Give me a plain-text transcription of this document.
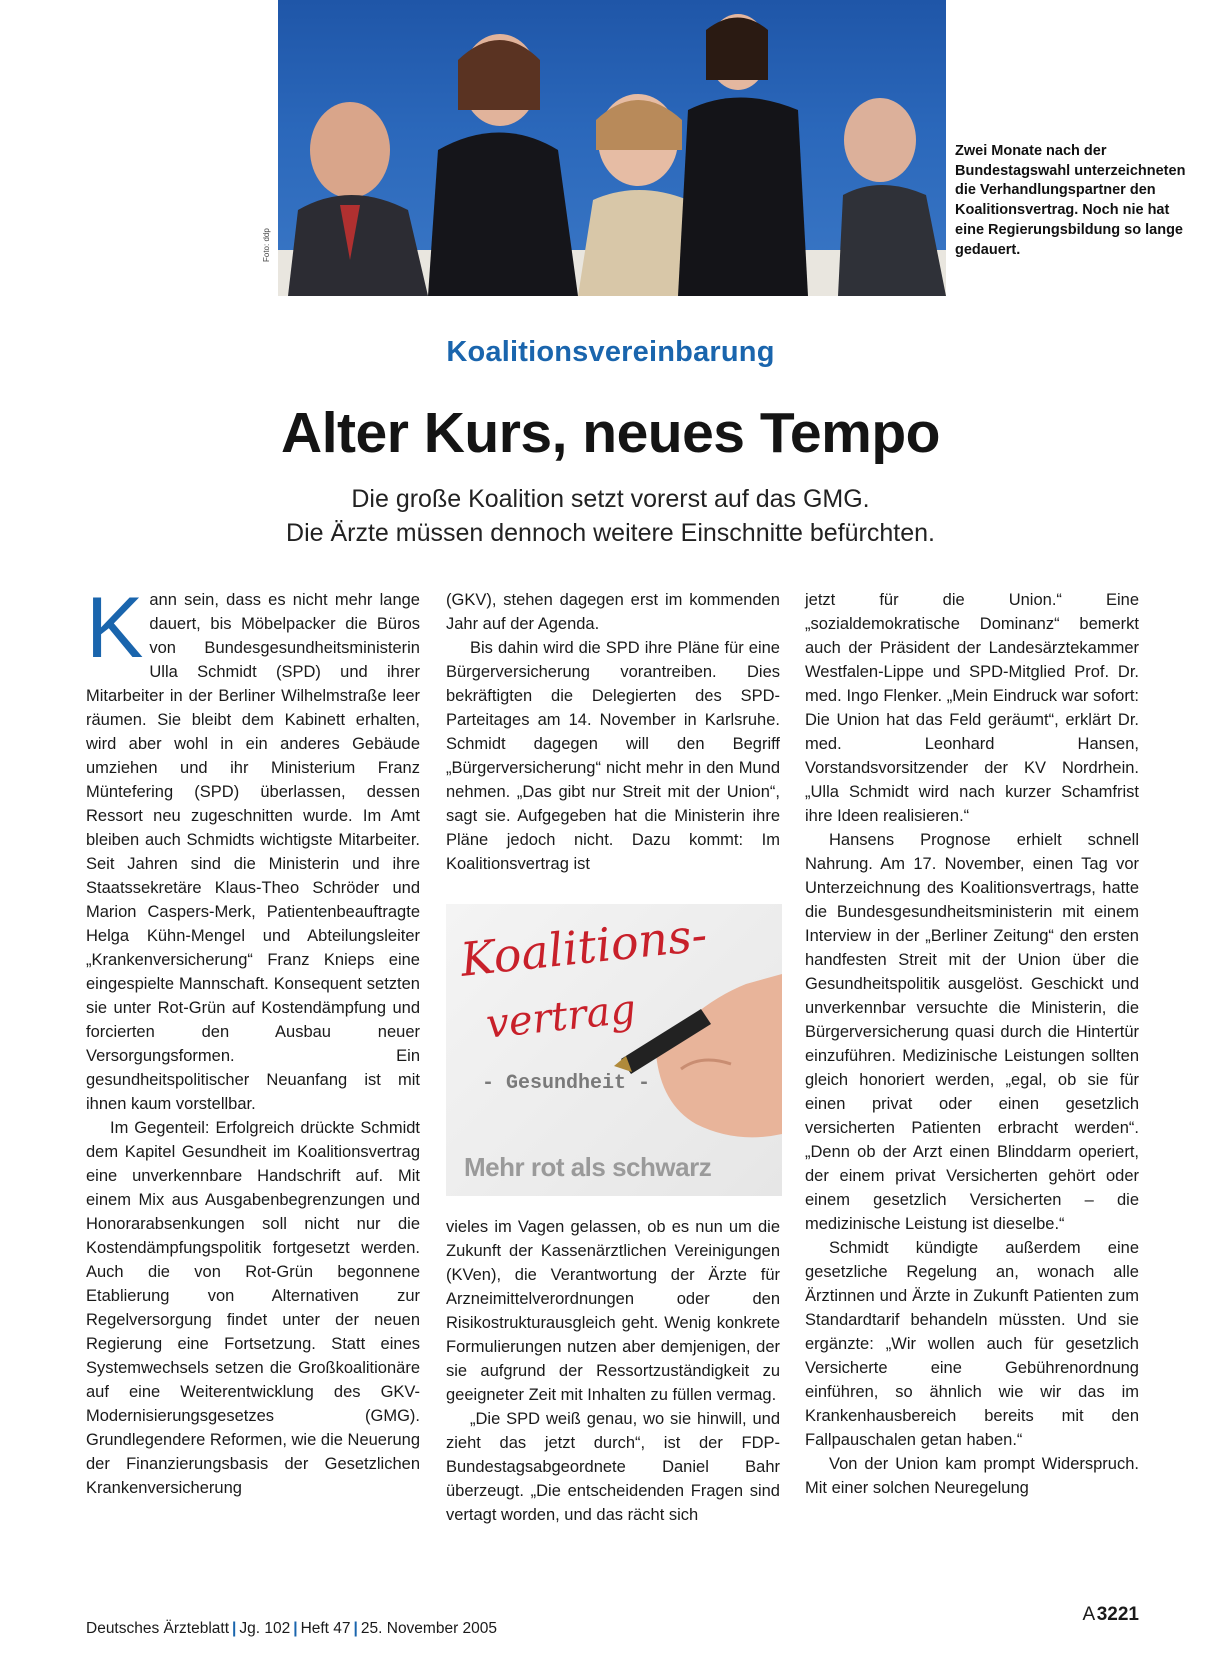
Foto: ddp
Zwei Monate nach der Bundestagswahl unterzeichneten die Verhandlungspartner den Koalitionsvertrag. Noch nie hat eine Regierungsbildung so lange gedauert.
Koalitionsvereinbarung
Alter Kurs, neues Tempo
Die große Koalition setzt vorerst auf das GMG.
Die Ärzte müssen dennoch weitere Einschnitte befürchten.

Kann sein, dass es nicht mehr lange dauert, bis Möbelpacker die Büros von Bundesgesundheitsministerin Ulla Schmidt (SPD) und ihrer Mitarbeiter in der Berliner Wilhelmstraße leer räumen. Sie bleibt dem Kabinett erhalten, wird aber wohl in ein anderes Gebäude umziehen und ihr Ministerium Franz Müntefering (SPD) überlassen, dessen Ressort neu zugeschnitten wurde. Im Amt bleiben auch Schmidts wichtigste Mitarbeiter. Seit Jahren sind die Ministerin und ihre Staatssekretäre Klaus-Theo Schröder und Marion Caspers-Merk, Patientenbeauftragte Helga Kühn-Mengel und Abteilungsleiter „Krankenversicherung“ Franz Knieps eine eingespielte Mannschaft. Konsequent setzten sie unter Rot-Grün auf Kostendämpfung und forcierten den Ausbau neuer Versorgungsformen. Ein gesundheitspolitischer Neuanfang ist mit ihnen kaum vorstellbar.

Im Gegenteil: Erfolgreich drückte Schmidt dem Kapitel Gesundheit im Koalitionsvertrag eine unverkennbare Handschrift auf. Mit einem Mix aus Ausgabenbegrenzungen und Honorarabsenkungen soll nicht nur die Kostendämpfungspolitik fortgesetzt werden. Auch die von Rot-Grün begonnene Etablierung von Alternativen zur Regelversorgung findet unter der neuen Regierung eine Fortsetzung. Statt eines Systemwechsels setzen die Großkoalitionäre auf eine Weiterentwicklung des GKV-Modernisierungsgesetzes (GMG). Grundlegendere Reformen, wie die Neuerung der Finanzierungsbasis der Gesetzlichen Krankenversicherung

(GKV), stehen dagegen erst im kommenden Jahr auf der Agenda.

Bis dahin wird die SPD ihre Pläne für eine Bürgerversicherung vorantreiben. Dies bekräftigten die Delegierten des SPD-Parteitages am 14. November in Karlsruhe. Schmidt dagegen will den Begriff „Bürgerversicherung“ nicht mehr in den Mund nehmen. „Das gibt nur Streit mit der Union“, sagt sie. Aufgegeben hat die Ministerin ihre Pläne jedoch nicht. Dazu kommt: Im Koalitionsvertrag ist

Koalitions-
vertrag
- Gesundheit -
Mehr rot als schwarz

vieles im Vagen gelassen, ob es nun um die Zukunft der Kassenärztlichen Vereinigungen (KVen), die Verantwortung der Ärzte für Arzneimittelverordnungen oder den Risikostrukturausgleich geht. Wenig konkrete Formulierungen nutzen aber demjenigen, der sie aufgrund der Ressortzuständigkeit zu geeigneter Zeit mit Inhalten zu füllen vermag.

„Die SPD weiß genau, wo sie hinwill, und zieht das jetzt durch“, ist der FDP-Bundestagsabgeordnete Daniel Bahr überzeugt. „Die entscheidenden Fragen sind vertagt worden, und das rächt sich

jetzt für die Union.“ Eine „sozialdemokratische Dominanz“ bemerkt auch der Präsident der Landesärztekammer Westfalen-Lippe und SPD-Mitglied Prof. Dr. med. Ingo Flenker. „Mein Eindruck war sofort: Die Union hat das Feld geräumt“, erklärt Dr. med. Leonhard Hansen, Vorstandsvorsitzender der KV Nordrhein. „Ulla Schmidt wird nach kurzer Schamfrist ihre Ideen realisieren.“

Hansens Prognose erhielt schnell Nahrung. Am 17. November, einen Tag vor Unterzeichnung des Koalitionsvertrags, hatte die Bundesgesundheitsministerin mit einem Interview in der „Berliner Zeitung“ den ersten handfesten Streit mit der Union über die Gesundheitspolitik ausgelöst. Geschickt und unverkennbar versuchte die Ministerin, die Bürgerversicherung quasi durch die Hintertür einzuführen. Medizinische Leistungen sollten gleich honoriert werden, „egal, ob sie für einen privat oder einen gesetzlich versicherten Patienten erbracht werden“. „Denn ob der Arzt einen Blinddarm operiert, der einem privat Versicherten gehört oder einem gesetzlich Versicherten – die medizinische Leistung ist dieselbe.“

Schmidt kündigte außerdem eine gesetzliche Regelung an, wonach alle Ärztinnen und Ärzte in Zukunft Patienten zum Standardtarif behandeln müssten. Und sie ergänzte: „Wir wollen auch für gesetzlich Versicherte eine Gebührenordnung einführen, so ähnlich wie wir das im Krankenhausbereich bereits mit den Fallpauschalen getan haben.“

Von der Union kam prompt Widerspruch. Mit einer solchen Neuregelung

Deutsches Ärzteblatt | Jg. 102 | Heft 47 | 25. November 2005
A 3221
